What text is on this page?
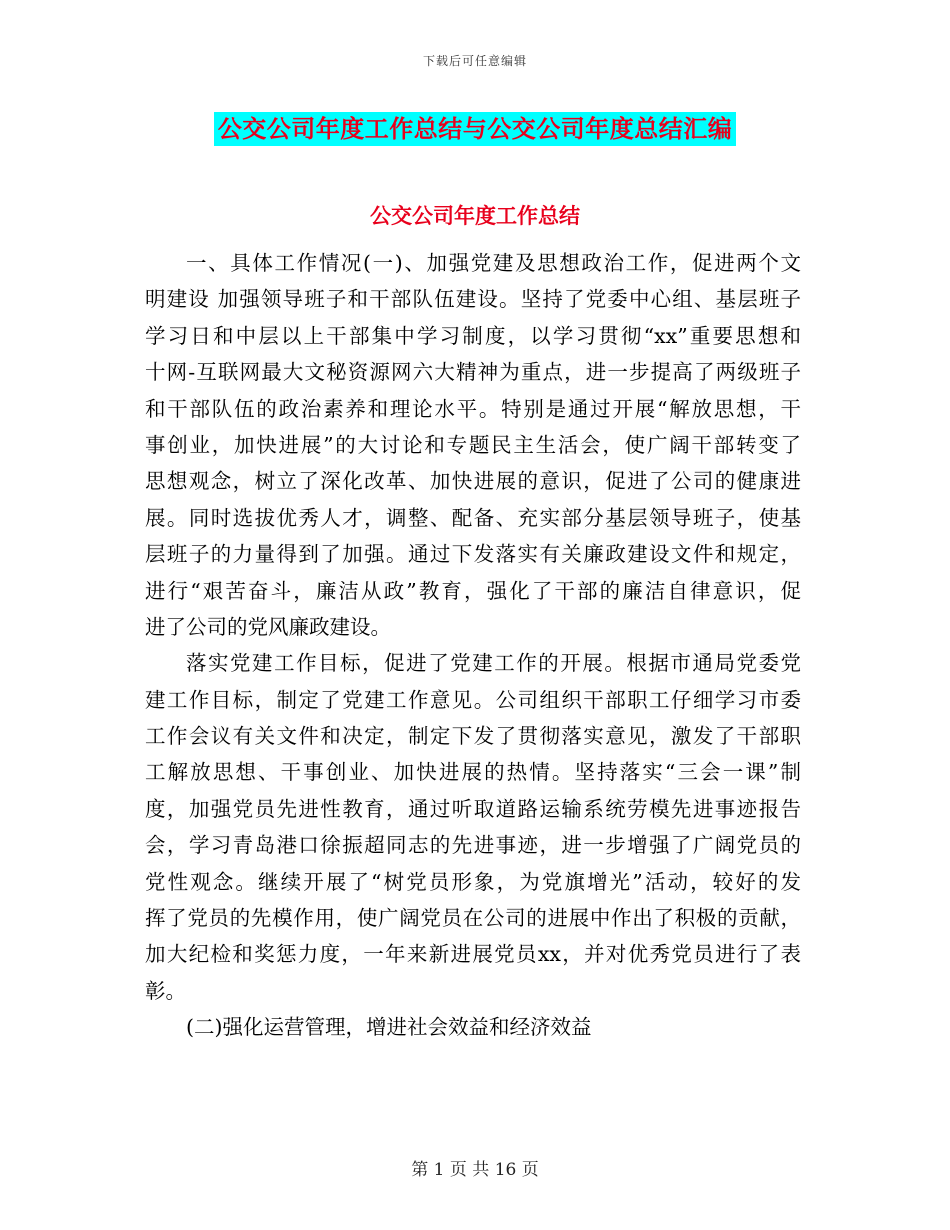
下载后可任意编辑
公交公司年度工作总结与公交公司年度总结汇编
公交公司年度工作总结
一、具体工作情况(一)、加强党建及思想政治工作，促进两个文
明建设 加强领导班子和干部队伍建设。坚持了党委中心组、基层班子
学习日和中层以上干部集中学习制度，以学习贯彻“xx”重要思想和
十网-互联网最大文秘资源网六大精神为重点，进一步提高了两级班子
和干部队伍的政治素养和理论水平。特别是通过开展“解放思想，干
事创业，加快进展”的大讨论和专题民主生活会，使广阔干部转变了
思想观念，树立了深化改革、加快进展的意识，促进了公司的健康进
展。同时选拔优秀人才，调整、配备、充实部分基层领导班子，使基
层班子的力量得到了加强。通过下发落实有关廉政建设文件和规定，
进行“艰苦奋斗，廉洁从政”教育，强化了干部的廉洁自律意识，促
进了公司的党风廉政建设。
落实党建工作目标，促进了党建工作的开展。根据市通局党委党
建工作目标，制定了党建工作意见。公司组织干部职工仔细学习市委
工作会议有关文件和决定，制定下发了贯彻落实意见，激发了干部职
工解放思想、干事创业、加快进展的热情。坚持落实“三会一课”制
度，加强党员先进性教育，通过听取道路运输系统劳模先进事迹报告
会，学习青岛港口徐振超同志的先进事迹，进一步增强了广阔党员的
党性观念。继续开展了“树党员形象，为党旗增光”活动，较好的发
挥了党员的先模作用，使广阔党员在公司的进展中作出了积极的贡献，
加大纪检和奖惩力度，一年来新进展党员xx，并对优秀党员进行了表
彰。
(二)强化运营管理，增进社会效益和经济效益
第 1 页 共 16 页
